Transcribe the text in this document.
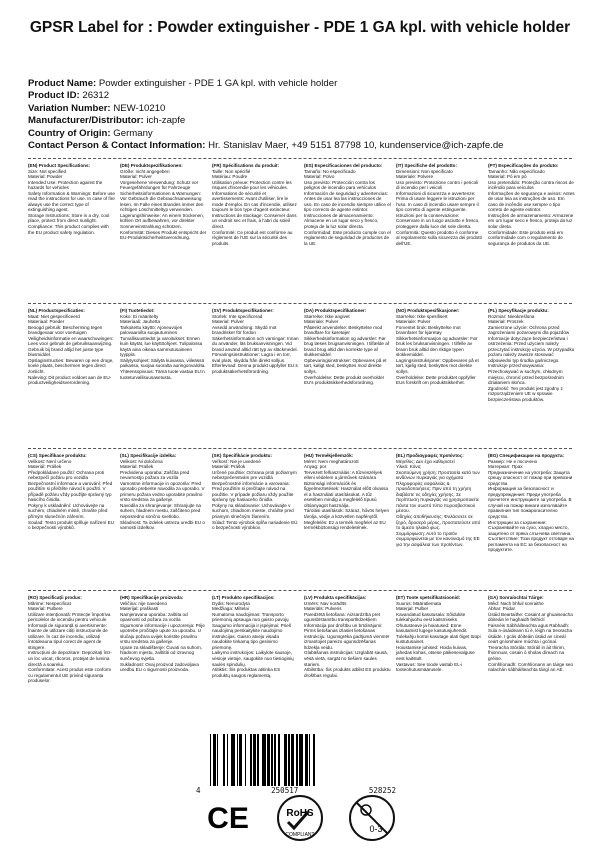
GPSR Label for : Powder extinguisher - PDE 1 GA kpl. with vehicle holder
Product Name: Powder extinguisher - PDE 1 GA kpl. with vehicle holder
Product ID: 26312
Variation Number: NEW-10210
Manufacturer/Distributor: ich-zapfe
Country of Origin: Germany
Contact Person & Contact Information: Hr. Stanislav Maer, +49 5151 87798 10, kundenservice@ich-zapfe.de
(EN) Product Specifications:

Size: Not specified
Material: Powder
Intended Use: Protection against the hazards for vehicles
Safety Information & Warnings: Before use read the instructions for use. In case of fire always use the correct type of extinguishing agent.
Storage Instructions: Store in a dry, cool place, protect from direct sunlight.
Compliance: This product complies with the EU product safety regulation.

(DE) Produktspezifikationen:

Größe: nicht angegeben
Material: Pulver
Vorgesehene Verwendung: Schutz vor Feuergefährdungen für Fahrzeuge
Sicherheitsinformationen & Warnungen: Vor Gebrauch die Gebrauchsanweisung lesen. Im Falle eines Brandes immer den richtigen Löschmitteltyp verwenden.
Lagerungshinweise: An einem trockenen, kühlen Ort aufbewahren, vor direkter Sonneneinstrahlung schützen.
Konformität: Dieses Produkt entspricht der EU-Produktsicherheitsverordnung.

(FR) Spécifications du produit:

Taille: Non spécifié
Matériau: Poudre
Utilisation prévue: Protection contre les risques d'incendie pour les véhicules.
Informations de sécurité et avertissements: Avant d'utiliser, lire le mode d'emploi. En cas d'incendie, utilisez toujours le bon type d'agent extincteur.
Instructions de stockage: Conserver dans un endroit sec et frais, à l'abri du soleil direct.
Conformité: Ce produit est conforme au règlement de l'UE sur la sécurité des produits.

(ES) Especificaciones del producto:

Tamaño: No especificado
Material: Polvo
Uso previsto: Protección contra los peligros de incendio para vehículos
Información de seguridad y advertencias: Antes de usar lea las instrucciones de uso. En caso de incendio siempre utilice el tipo correcto de agente extintor.
Instrucciones de almacenamiento: Almacene en un lugar seco y fresco, proteja de la luz solar directa.
Conformidad: Este producto cumple con el reglamento de seguridad de productos de la UE.

(IT) Specifiche del prodotto:

Dimensioni: Non specificato
Materiale: Polvere
Uso previsto: Protezione contro i pericoli di incendio per i veicoli
Informazioni di sicurezza e avvertenze: Prima di usare leggere le istruzioni per l'uso. In caso di incendio usare sempre il tipo corretto di agente estinguente.
Istruzioni per la conservazione: Conservare in un luogo asciutto e fresco, proteggere dalla luce del sole diretta.
Conformità: Questo prodotto è conforme al regolamento sulla sicurezza dei prodotti dell'UE.

(PT) Especificações do produto:

Tamanho: Não especificado
Material: Pó em pó
Uso pretendido: Proteção contra riscos de incêndio para veículos
Informações de segurança e avisos: Antes de usar leia as instruções de uso. Em caso de incêndio use sempre o tipo correto de agente extintor.
Instruções de armazenamento: Armazene em um lugar seco e fresco, proteja da luz solar direta.
Conformidade: Este produto está em conformidade com o regulamento de segurança de produtos da UE.

(NL) Productspecificaties:

Maat: Niet gespecificeerd
Materiaal: Poeder
Beoogd gebruik: Bescherming tegen brandgevaar voor voertuigen
Veiligheidsinformatie en waarschuwingen: Lees voor gebruik de gebruiksaanwijzing. Gebruik bij brand altijd het juiste type blusmiddel.
Opslaginstructies: Bewaren op een droge, koele plaats, beschermen tegen direct zonlicht.
Naleving: Dit product voldoet aan de EU-productveiligheidsverordening.

(FI) Tuotetiedot:

Koko: Ei määritelty
Materiaali: Jauhetta
Tarkoitettu käyttö: Ajoneuvojen palovaaroilta suojautuminen
Turvallisuustiedot ja varoitukset: Ennen kuin käytät, lue käyttöohjeet. Tulipalossa käytä aina oikeaa sammutusaineen tyyppiä.
Säilytysohjeet: Säilytä kuivassa, viileässä paikassa, suojaa suoralta auringonvalolta.
Yhteensopivuus: Tämä tuote vastaa EU:n tuoteturvallisuusasetusta.

(SV) Produktspecifikationer:

Storlek: Inte specificerad
Material: Pulver
Avsedd användning: Skydd mot brandrisker för fordon
Säkerhetsinformation och varningar: Innan du använder, läs bruksanvisningen. Vid brand använd alltid rätt typ av släckmedel.
Förvaringsinstruktioner: Lagra i en torr, sval plats, skydda från direkt solljus.
Efterlevnad: Denna produkt uppfyller EU:s produktsäkerhetsförordning.

(DA) Produktspecifikationer:

Størrelse: Ikke angivet
Materiale: Pulver
Påtænkt anvendelse: Beskyttelse mod brandfare for køretøjer
Sikkerhedsinformation og advarsler: Før brug læses brugsanvisningen. I tilfælde af brand brug altid den korrekte type af slukkemiddel.
Opbevaringsinstrukser: Opbevares på et tørt, køligt sted, beskyttes mod direkte sollys.
Overholdelse: Dette produkt overholder EU's produktsikkerhedsforordning.

(NO) Produktspesifikasjoner:

Størrelse: Ikke spesifisert
Materiale: Pulver
Forventet bruk: Beskyttelse mot brannfarer for kjøretøy
Sikkerhetsinformasjon og advarsler: Før bruk les bruksanvisningen. I tilfelle av brann bruk alltid den riktige typen slokkemiddel.
Lagringsinstruksjoner: Oppbevares på et tørt, kjølig sted, beskyttes mot direkte sollys.
Overholdelse: Dette produktet oppfyller EUs forskrift om produktsikkerhet.

(PL) Specyfikacje produktu:

Rozmiar: Nieokreślona
Materiał: Proszek
Zamierzone użycie: Ochrona przed zagrożeniami pożarowymi dla pojazdów
Informacje dotyczące bezpieczeństwa i ostrzeżenia: Przed użyciem należy przeczytać instrukcję użycia. W przypadku pożaru należy zawsze stosować odpowiedni typ środka gaśniczego.
Instrukcje przechowywania: Przechowywać w suchym, chłodnym miejscu, chronić przed bezpośrednim działaniem słońca.
Zgodność: Ten produkt jest zgodny z rozporządzeniem UE w sprawie bezpieczeństwa produktów.

(CS) Specifikace produktu:

Velikost: Není určeno
Materiál: Prášek
Předpokládané použití: Ochrana proti nebezpečí požáru pro vozidla
Bezpečnostní informace a varování: Před použitím si přečtěte návod k použití. V případě požáru vždy použijte správný typ hasicího činidla.
Pokyny k uskladnění: Uchovávejte na suchém, chladném místě, chraňte před přímým slunečním zářením.
Soulad: Tento produkt splňuje nařízení EU o bezpečnosti výrobků.

(SL) Specifikacije izdelka:

Velikost: Ni določena
Material: Prašek
Predvidena uporaba: Zaščita pred nevarnostjo požara za vozila
Varnostne informacije in opozorila: Pred uporabo preberite navodila za uporabo. V primeru požara vedno uporabite pravilno vrsto sredstva za gašenje.
Navodila za shranjevanje: Shranjujte na suhem, hladnem mestu, zaščiteno pred neposredno sončno svetlobo.
Skladnost: Ta izdelek ustreza uredbi EU o varnosti izdelkov.

(SK) Špecifikácie produktu:

Veľkosť: Nie je uvedené
Materiál: Prášok
Určené použitie: Ochrana proti požiarnym nebezpečenstvám pre vozidlá
Bezpečnostné informácie a varovania: Pred použitím si prečítajte návod na použitie. V prípade požiaru vždy použite správny typ hasiaceho činidla.
Pokyny na skladovanie: Uchovávajte v suchom, chladnom mieste, chráňte pred priamym slnečným žiarením.
Súlad: Tento výrobok spĺňa nariadenie EÚ o bezpečnosti výrobkov.

(HU) Termékjellemzők:

Méret: Nem meghatározott
Anyag: por
Tervezett felhasználás: A tűzveszélyek elleni védelem a járművek számára
Biztonsági információk és figyelmeztetések: Használat előtt olvassa el a használati utasításokat. A tűz esetében mindig a megfelelő típusú oltóanyagot használja.
Tárolási utasítások: Száraz, hűvös helyen tárolja, védje a közvetlen napfénytől.
Megfelelés: Ez a termék megfelel az EU termékbiztonsági rendeletének.

(EL) Προδιαγραφές προϊόντος:

Μέγεθος: Δεν έχει καθοριστεί
Υλικό: Κόνις
Σκοπούμενη χρήση: Προστασία κατά των κινδύνων πυρκαγιάς για οχήματα
Πληροφορίες ασφαλείας & προειδοποιήσεις: Πριν από τη χρήση διαβάστε τις οδηγίες χρήσης. Σε περίπτωση πυρκαγιάς να χρησιμοποιείτε πάντα τον σωστό τύπο πυροσβεστικού μέσου.
Οδηγίες αποθήκευσης: Φυλάσσετε σε ξηρό, δροσερό μέρος, προστατεύστε από το άμεσο ηλιακό φως.
Συμμόρφωση: Αυτό το προϊόν συμμορφώνεται με τον κανονισμό της ΕΕ για την ασφάλεια των προϊόντων.

(BG) Спецификации на продукта:

Размер: Не е посочено
Материал: Прах
Предназначение на употреба: Защита срещу опасност от пожар при превозни средства
Информация за безопасност и предупреждения: Преди употреба прочетете инструкциите за употреба. В случай на пожар винаги използвайте правилния тип пожарогасително средство.
Инструкции за съхранение: Съхранявайте на сухо, хладно място, защитено от пряка слънчева светлина.
Съответствие: Този продукт отговаря на регламента на ЕС за безопасност на продуктите.

(RO) Specificații produs:

Mărime: Nespecificat
Material: Pulbere
Utilizare intenționată: Protecție împotriva pericolelor de incendiu pentru vehicule
Informații de siguranță și avertismente: Înainte de utilizare citiți instrucțiunile de utilizare. În caz de incendiu, utilizați întotdeauna tipul corect de agent de stingere.
Instrucțiuni de depozitare: Depozitați într-un loc uscat, răcoros, protejat de lumina directă a soarelui.
Conformitate: Acest produs este conform cu regulamentul UE privind siguranța produselor.

(HR) Specifikacije proizvoda:

Veličina: nije navedeno
Materijal: praškasti
Namjeravana uporaba: zaštita od opasnosti od požara za vozila
Sigurnosne informacije i upozorenja: Prije upotrebe pročitajte upute za uporabu. U slučaju požara uvijek koristite pravilnu vrstu sredstva za gašenje.
Upute za skladištenje: Čuvati na suhom, hladnom mjestu, zaštititi od izravnog sunčevog svjetla.
Sukladnost: Ovaj proizvod zadovoljava uredbu EU o sigurnosti proizvoda.

(LT) Produkto specifikacijos:

Dydis: Nenurodyta
Medžiaga: Miltelai
Numatoma naudojimas: Transporto priemonių apsauga nuo gaisro pavojų
Saugumo informacija ir įspėjimai: Prieš naudojimą perskaitykite naudojimo instrukcijas. Gaisro atveju visada naudokite tinkamą tipo gesinimo priemonę.
Laikymo instrukcijos: Laikykite sausoje, vėsioje vietoje, saugokite nuo tiesioginių saulės spindulių.
Atitiktis: Šis produktas atitinka ES produktų saugos reglamentą.

(LV) Produkta specifikācijas:

Izmērs: Nav norādīts
Materiāls: Pulveris
Paredzētā lietošana: Aizsardzība pret ugunsbīstamību transportlīdzekļiem
Informācija par drošību un brīdinājumi: Pirms lietošanas izlasiet lietošanas instrukciju. Ugunsgrēka gadījumā vienmēr izmantojiet pareizo ugunsdzēšanas līdzekļa veidu.
Glabāšanas instrukcijas: Uzglabāt sausā, vēsā vietā, sargāt no tiešiem saules stariem.
Atbilstība: Šis produkts atbilst ES produktu drošības regulai.

(ET) Toote spetsifikatsioonid:

Suurus: Määratlemata
Materjal: Pulber
Kavandatud kasutusala: Sõidukite tulekahjuohu eest kaitsmiseks
Ohutusteave ja hoiatused: Enne kasutamist lugege kasutusjuhendit. Tulekahju korral kasutage alati õiget tüüpi kustutusainet.
Hoiustamise juhised: Hoida kuivas, jahedas kohas, otsese päikesevalguse eest kaitstult.
Vastavus: See toode vastab EL-i tooteohutusmäärusele.

(GA) Sonraíochtaí Táirge:

Méid: Nach bhfuil sonraithe
Ábhar: Púdar
Úsáid Beartaithe: Cosaint ar ghuaiseacha dóiteáin le haghaidh feithiclí
Faisnéis Sábháilteachta agus Rabhadh: Sula n-úsáideann tú é, léigh na treoracha úsáide. I gcás dóiteáin úsáid an cineál ceart gníomhaire múchta i gcónaí.
Treoracha Stórála: Stóráil in áit thirim, fhionnuar, cosain ó sholas díreach na gréine.
Comhlíonadh: Comhlíonann an táirge seo rialachán sábháilteachta táirgí an AE.

4	250517	528252
CE	RoHS
COMPLIANT
0-3
